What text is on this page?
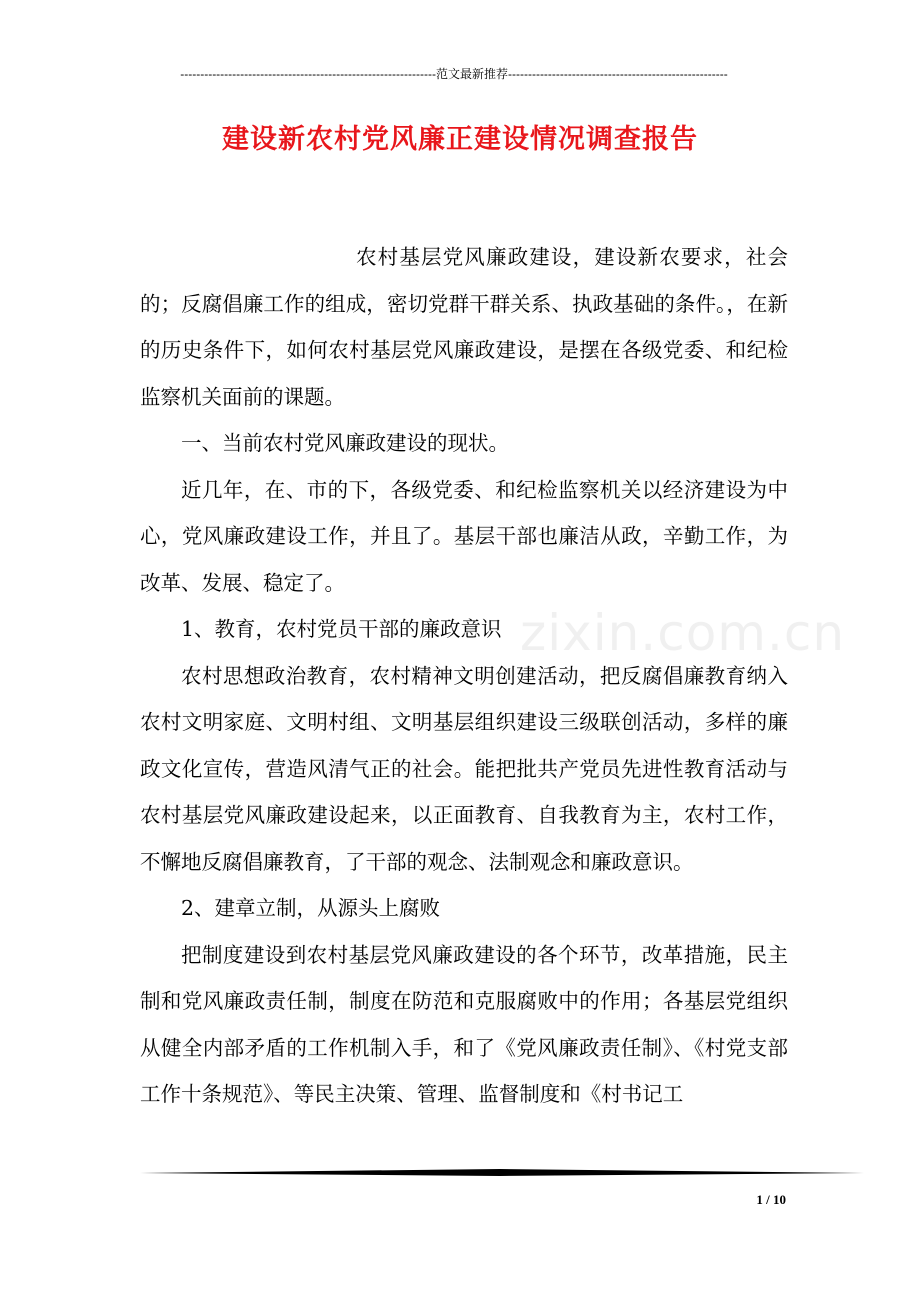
----------------------------------------------------------------范文最新推荐-------------------------------------------------------
建设新农村党风廉正建设情况调查报告
zixin.com.cn

农村基层党风廉政建设，建设新农要求，社会的；反腐倡廉工作的组成，密切党群干群关系、执政基础的条件。，在新的历史条件下，如何农村基层党风廉政建设，是摆在各级党委、和纪检监察机关面前的课题。

一、当前农村党风廉政建设的现状。

近几年，在、市的下，各级党委、和纪检监察机关以经济建设为中心，党风廉政建设工作，并且了。基层干部也廉洁从政，辛勤工作，为改革、发展、稳定了。

1、教育，农村党员干部的廉政意识

农村思想政治教育，农村精神文明创建活动，把反腐倡廉教育纳入农村文明家庭、文明村组、文明基层组织建设三级联创活动，多样的廉政文化宣传，营造风清气正的社会。能把批共产党员先进性教育活动与农村基层党风廉政建设起来，以正面教育、自我教育为主，农村工作，不懈地反腐倡廉教育，了干部的观念、法制观念和廉政意识。

2、建章立制，从源头上腐败

把制度建设到农村基层党风廉政建设的各个环节，改革措施，民主制和党风廉政责任制，制度在防范和克服腐败中的作用；各基层党组织从健全内部矛盾的工作机制入手，和了《党风廉政责任制》、《村党支部工作十条规范》、等民主决策、管理、监督制度和《村书记工

1 / 10
